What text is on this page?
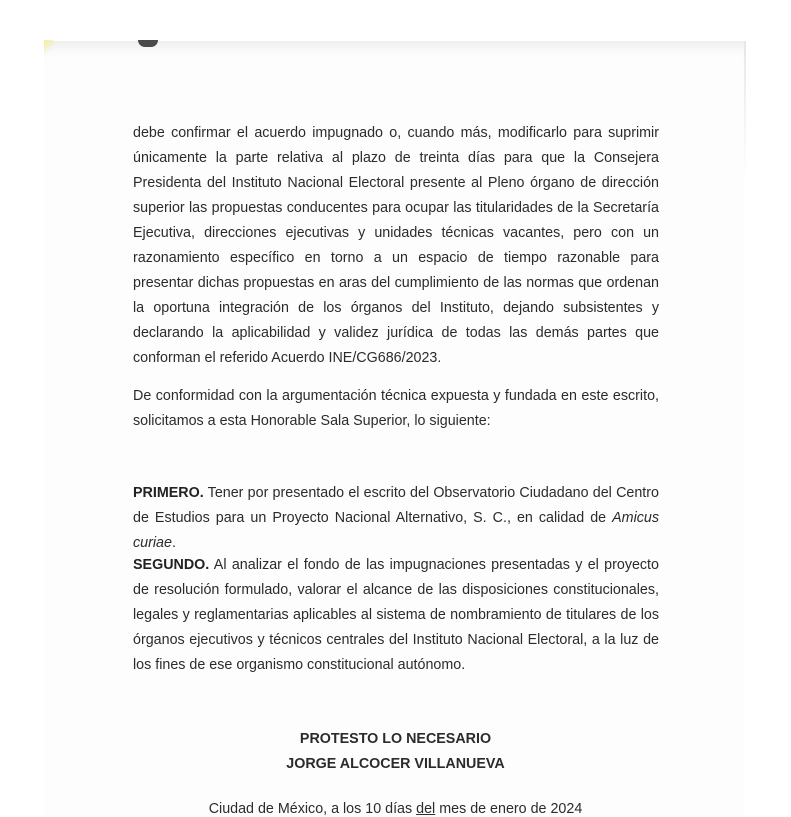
debe confirmar el acuerdo impugnado o, cuando más, modificarlo para suprimir únicamente la parte relativa al plazo de treinta días para que la Consejera Presidenta del Instituto Nacional Electoral presente al Pleno órgano de dirección superior las propuestas conducentes para ocupar las titularidades de la Secretaría Ejecutiva, direcciones ejecutivas y unidades técnicas vacantes, pero con un razonamiento específico en torno a un espacio de tiempo razonable para presentar dichas propuestas en aras del cumplimiento de las normas que ordenan la oportuna integración de los órganos del Instituto, dejando subsistentes y declarando la aplicabilidad y validez jurídica de todas las demás partes que conforman el referido Acuerdo INE/CG686/2023.
De conformidad con la argumentación técnica expuesta y fundada en este escrito, solicitamos a esta Honorable Sala Superior, lo siguiente:
PRIMERO. Tener por presentado el escrito del Observatorio Ciudadano del Centro de Estudios para un Proyecto Nacional Alternativo, S. C., en calidad de Amicus curiae.
SEGUNDO. Al analizar el fondo de las impugnaciones presentadas y el proyecto de resolución formulado, valorar el alcance de las disposiciones constitucionales, legales y reglamentarias aplicables al sistema de nombramiento de titulares de los órganos ejecutivos y técnicos centrales del Instituto Nacional Electoral, a la luz de los fines de ese organismo constitucional autónomo.
PROTESTO LO NECESARIO
JORGE ALCOCER VILLANUEVA
Ciudad de México, a los 10 días del mes de enero de 2024
